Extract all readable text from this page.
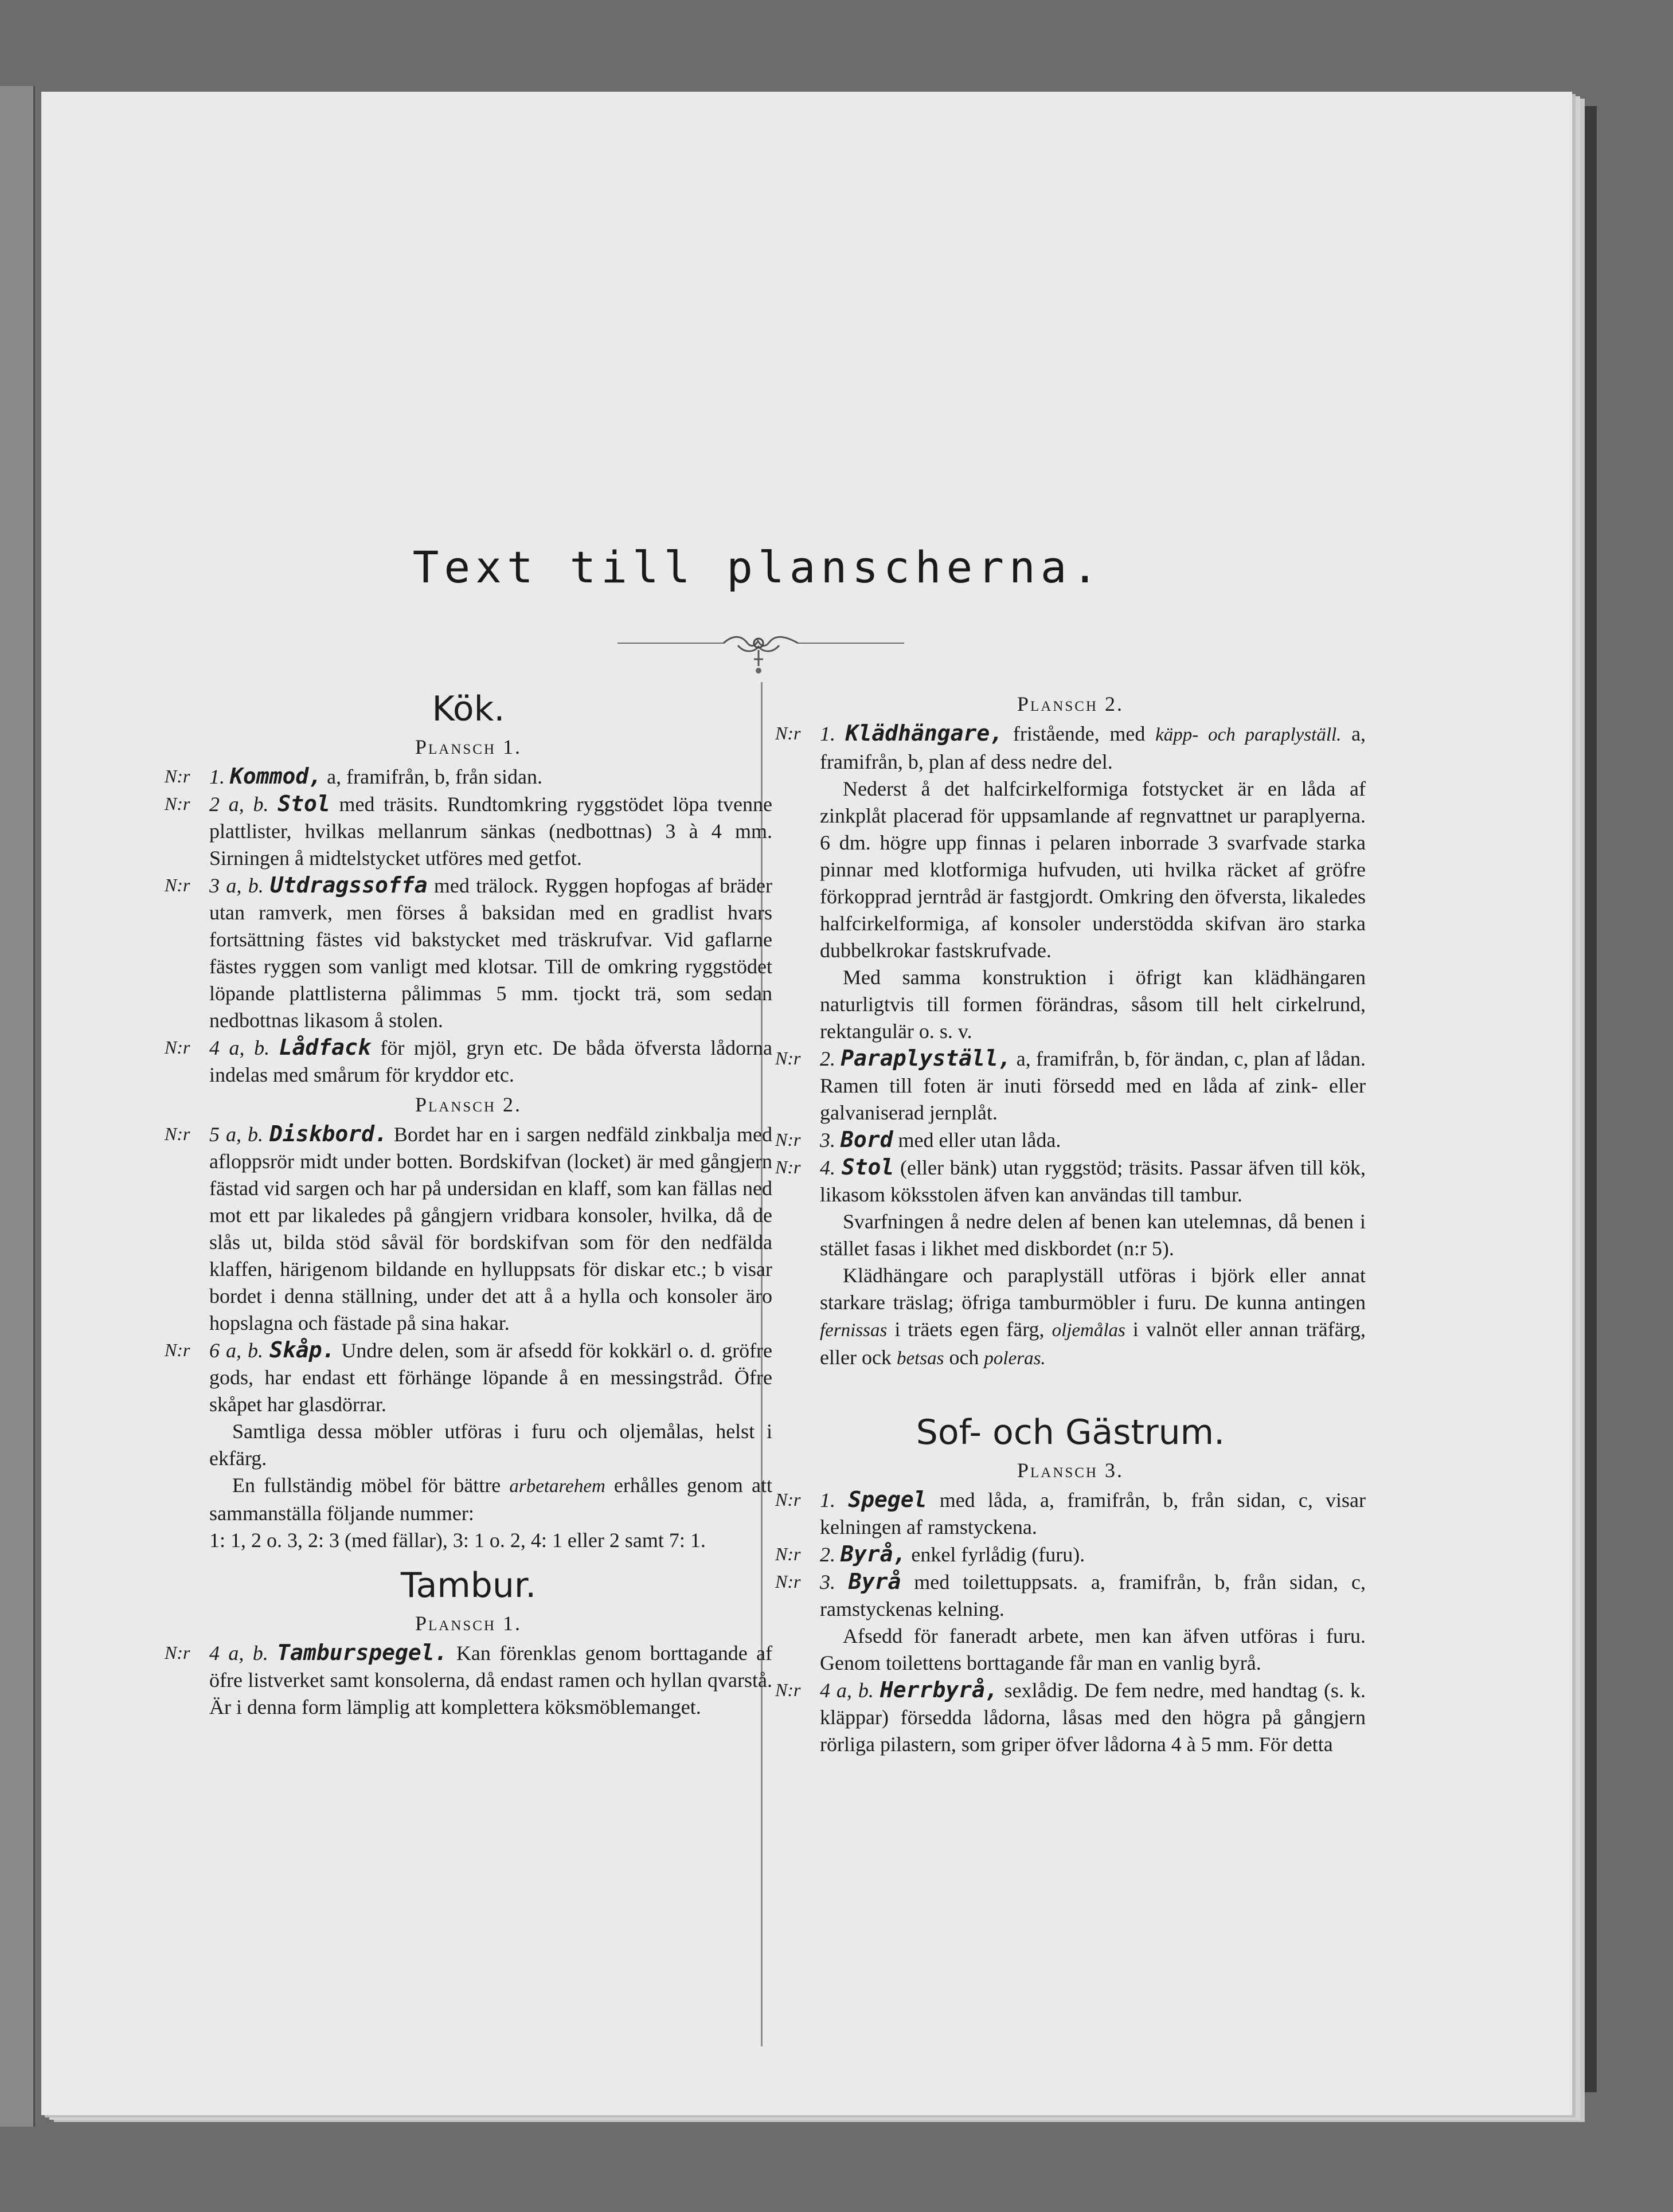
Text till planscherna.
Kök.

Plansch 1.

N:r 1. Kommod, a, framifrån, b, från sidan.

N:r 2 a, b. Stol med träsits. Rundtomkring ryggstödet löpa tvenne plattlister, hvilkas mellanrum sänkas (nedbottnas) 3 à 4 mm. Sirningen å midtelstycket utföres med getfot.

N:r 3 a, b. Utdragssoffa med trälock. Ryggen hopfogas af bräder utan ramverk, men förses å baksidan med en gradlist hvars fortsättning fästes vid bakstycket med träskrufvar. Vid gaflarne fästes ryggen som vanligt med klotsar. Till de omkring ryggstödet löpande plattlisterna pålimmas 5 mm. tjockt trä, som sedan nedbottnas likasom å stolen.

N:r 4 a, b. Lådfack för mjöl, gryn etc. De båda öfversta lådorna indelas med smårum för kryddor etc.

Plansch 2.

N:r 5 a, b. Diskbord. Bordet har en i sargen nedfäld zinkbalja med afloppsrör midt under botten. Bordskifvan (locket) är med gångjern fästad vid sargen och har på undersidan en klaff, som kan fällas ned mot ett par likaledes på gångjern vridbara konsoler, hvilka, då de slås ut, bilda stöd såväl för bordskifvan som för den nedfälda klaffen, härigenom bildande en hylluppsats för diskar etc.; b visar bordet i denna ställning, under det att å a hylla och konsoler äro hopslagna och fästade på sina hakar.

N:r 6 a, b. Skåp. Undre delen, som är afsedd för kokkärl o. d. gröfre gods, har endast ett förhänge löpande å en messingstråd. Öfre skåpet har glasdörrar.

Samtliga dessa möbler utföras i furu och oljemålas, helst i ekfärg.

En fullständig möbel för bättre arbetarehem erhålles genom att sammanställa följande nummer:

1: 1, 2 o. 3, 2: 3 (med fällar), 3: 1 o. 2, 4: 1 eller 2 samt 7: 1.

Tambur.

Plansch 1.

N:r 4 a, b. Tamburspegel. Kan förenklas genom borttagande af öfre listverket samt konsolerna, då endast ramen och hyllan qvarstå. Är i denna form lämplig att komplettera köksmöblemanget.

Plansch 2.

N:r 1. Klädhängare, fristående, med käpp- och paraplyställ. a, framifrån, b, plan af dess nedre del.

Nederst å det halfcirkelformiga fotstycket är en låda af zinkplåt placerad för uppsamlande af regnvattnet ur paraplyerna. 6 dm. högre upp finnas i pelaren inborrade 3 svarfvade starka pinnar med klotformiga hufvuden, uti hvilka räcket af gröfre förkopprad jerntråd är fastgjordt. Omkring den öfversta, likaledes halfcirkelformiga, af konsoler understödda skifvan äro starka dubbelkrokar fastskrufvade.

Med samma konstruktion i öfrigt kan klädhängaren naturligtvis till formen förändras, såsom till helt cirkelrund, rektangulär o. s. v.

N:r 2. Paraplyställ, a, framifrån, b, för ändan, c, plan af lådan. Ramen till foten är inuti försedd med en låda af zink- eller galvaniserad jernplåt.

N:r 3. Bord med eller utan låda.

N:r 4. Stol (eller bänk) utan ryggstöd; träsits. Passar äfven till kök, likasom köksstolen äfven kan användas till tambur.

Svarfningen å nedre delen af benen kan utelemnas, då benen i stället fasas i likhet med diskbordet (n:r 5).

Klädhängare och paraplyställ utföras i björk eller annat starkare träslag; öfriga tamburmöbler i furu. De kunna antingen fernissas i träets egen färg, oljemålas i valnöt eller annan träfärg, eller ock betsas och poleras.

Sof- och Gästrum.

Plansch 3.

N:r 1. Spegel med låda, a, framifrån, b, från sidan, c, visar kelningen af ramstyckena.

N:r 2. Byrå, enkel fyrlådig (furu).

N:r 3. Byrå med toilettuppsats. a, framifrån, b, från sidan, c, ramstyckenas kelning.

Afsedd för faneradt arbete, men kan äfven utföras i furu. Genom toilettens borttagande får man en vanlig byrå.

N:r 4 a, b. Herrbyrå, sexlådig. De fem nedre, med handtag (s. k. kläppar) försedda lådorna, låsas med den högra på gångjern rörliga pilastern, som griper öfver lådorna 4 à 5 mm. För detta
